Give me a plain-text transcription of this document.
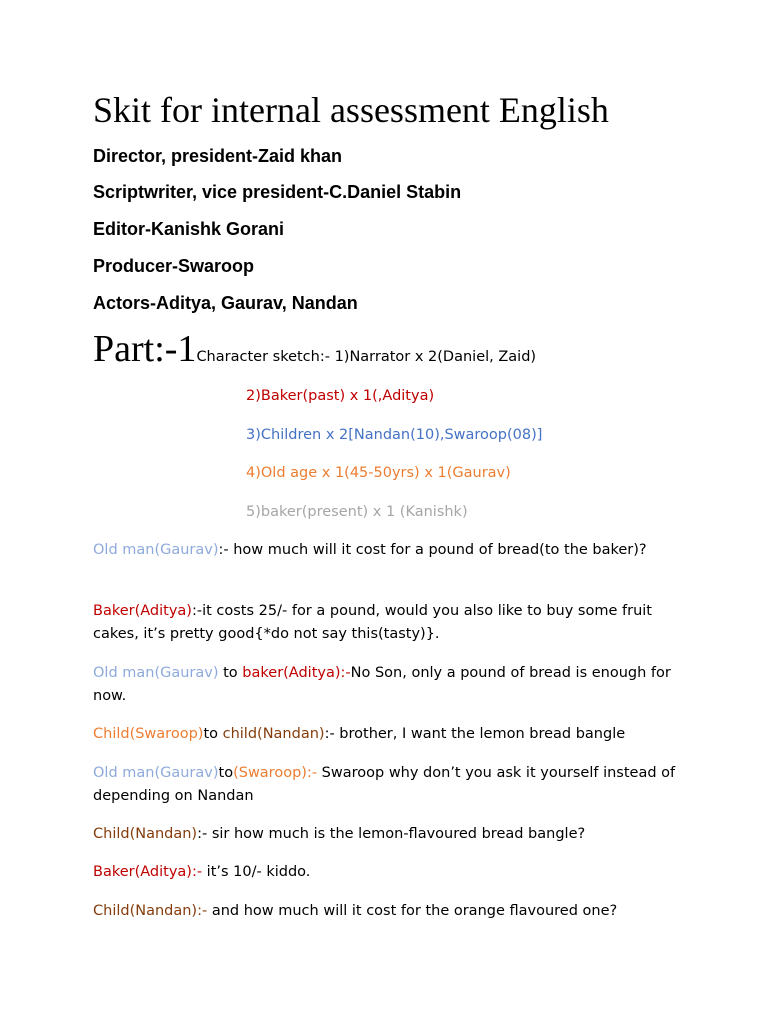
Skit for internal assessment English

Director, president-Zaid khan

Scriptwriter, vice president-C.Daniel Stabin

Editor-Kanishk Gorani

Producer-Swaroop

Actors-Aditya, Gaurav, Nandan

Part:-1Character sketch:- 1)Narrator x 2(Daniel, Zaid)

2)Baker(past) x 1(,Aditya)

3)Children x 2[Nandan(10),Swaroop(08)]

4)Old age x 1(45-50yrs) x 1(Gaurav)

5)baker(present) x 1 (Kanishk)

Old man(Gaurav):- how much will it cost for a pound of bread(to the baker)?

Baker(Aditya):-it costs 25/- for a pound, would you also like to buy some fruit cakes, it’s pretty good{*do not say this(tasty)}.

Old man(Gaurav) to baker(Aditya):-No Son, only a pound of bread is enough for now.

Child(Swaroop)to child(Nandan):- brother, I want the lemon bread bangle

Old man(Gaurav)to(Swaroop):- Swaroop why don’t you ask it yourself instead of depending on Nandan

Child(Nandan):- sir how much is the lemon-flavoured bread bangle?

Baker(Aditya):- it’s 10/- kiddo.

Child(Nandan):- and how much will it cost for the orange flavoured one?
